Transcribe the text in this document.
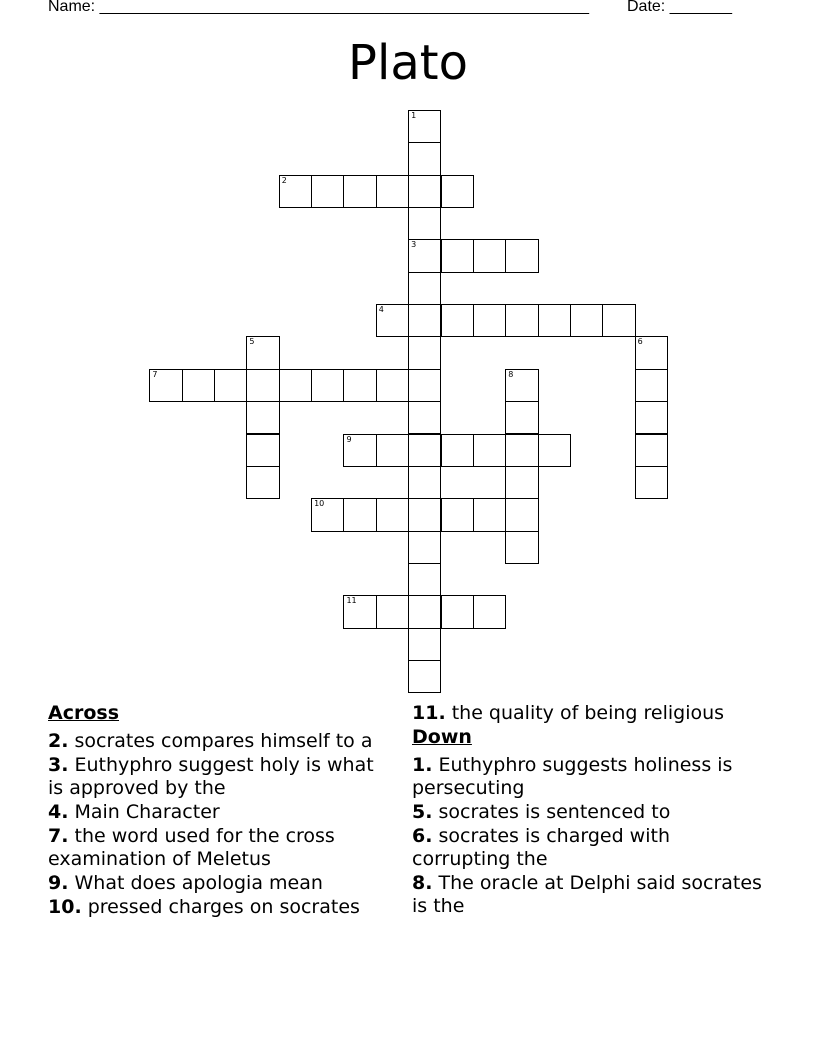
Name: _______________________________________________________ Date: _______
Plato
1
2
3
4
5	6
7	8
9
10
11
Across
2. socrates compares himself to a
3. Euthyphro suggest holy is what is approved by the
4. Main Character
7. the word used for the cross examination of Meletus
9. What does apologia mean
10. pressed charges on socrates
11. the quality of being religious
Down
1. Euthyphro suggests holiness is persecuting
5. socrates is sentenced to
6. socrates is charged with corrupting the
8. The oracle at Delphi said socrates is the
